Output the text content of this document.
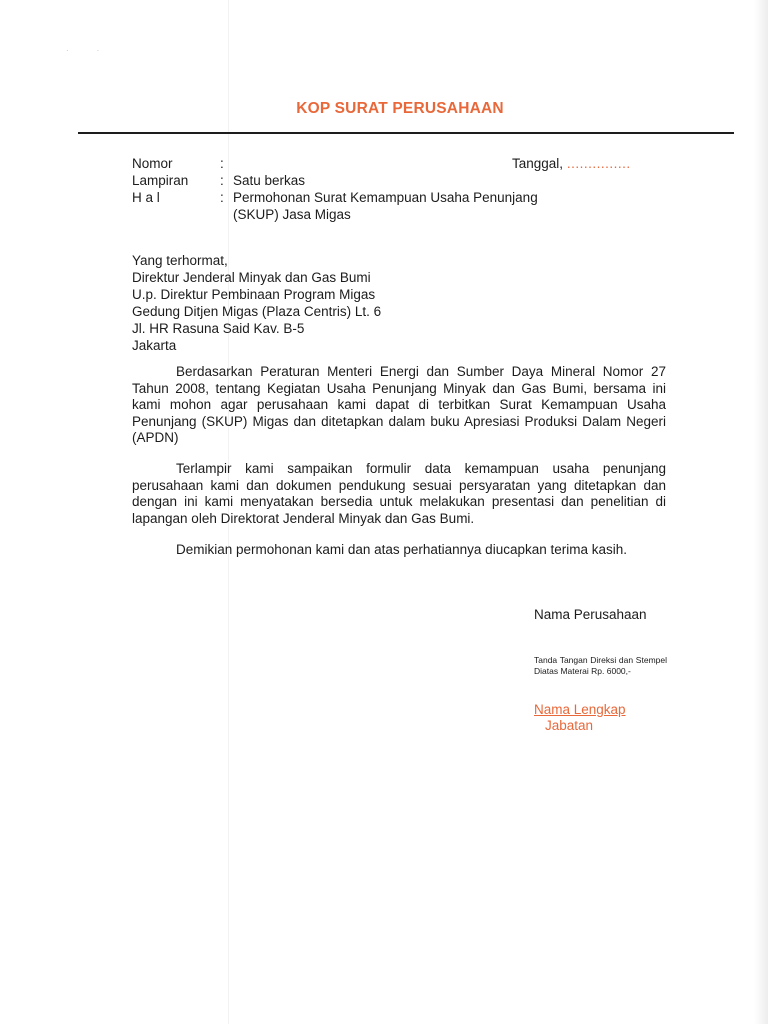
··
KOP SURAT PERUSAHAAN
Nomor	:
Lampiran : Satu berkas
H a l	: Permohonan Surat Kemampuan Usaha Penunjang
(SKUP) Jasa Migas
Tanggal, ...............
Yang terhormat,
Direktur Jenderal Minyak dan Gas Bumi
U.p. Direktur Pembinaan Program Migas
Gedung Ditjen Migas (Plaza Centris) Lt. 6
Jl. HR Rasuna Said Kav. B-5
Jakarta

Berdasarkan Peraturan Menteri Energi dan Sumber Daya Mineral Nomor 27 Tahun 2008, tentang Kegiatan Usaha Penunjang Minyak dan Gas Bumi, bersama ini kami mohon agar perusahaan kami dapat di terbitkan Surat Kemampuan Usaha Penunjang (SKUP) Migas dan ditetapkan dalam buku Apresiasi Produksi Dalam Negeri (APDN)

Terlampir kami sampaikan formulir data kemampuan usaha penunjang perusahaan kami dan dokumen pendukung sesuai persyaratan yang ditetapkan dan dengan ini kami menyatakan bersedia untuk melakukan presentasi dan penelitian di lapangan oleh Direktorat Jenderal Minyak dan Gas Bumi.

Demikian permohonan kami dan atas perhatiannya diucapkan terima kasih.

Nama Perusahaan
Tanda Tangan Direksi dan Stempel Diatas Materai Rp. 6000,-
Nama Lengkap
Jabatan
